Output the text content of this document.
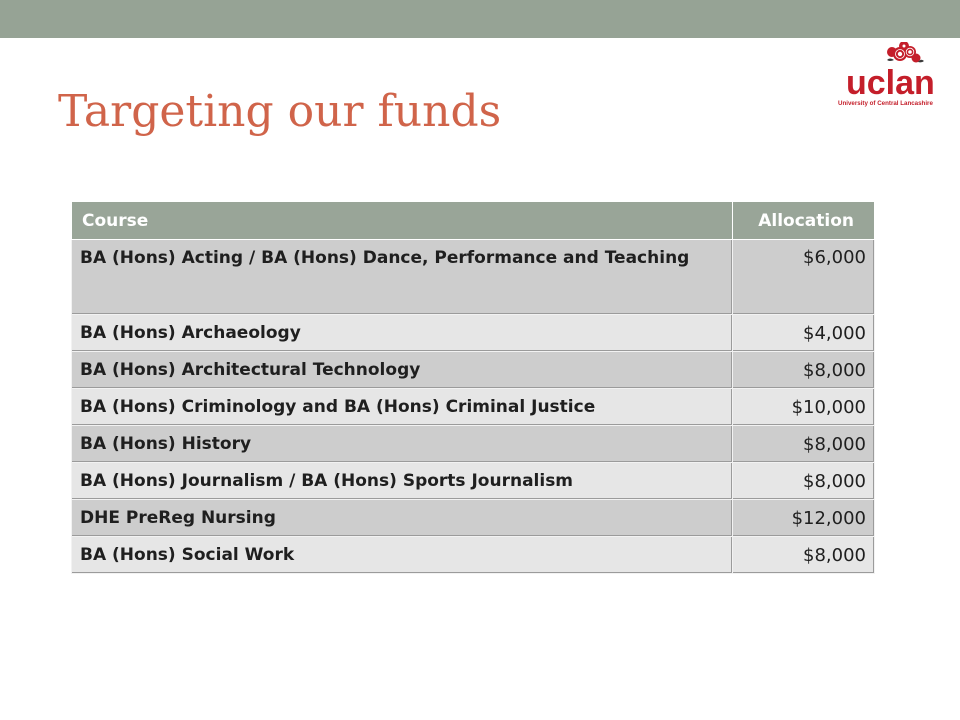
Targeting our funds
uclan
University of Central Lancashire
Course	Allocation
BA (Hons) Acting / BA (Hons) Dance, Performance and Teaching	$6,000
BA (Hons) Archaeology	$4,000
BA (Hons) Architectural Technology	$8,000
BA (Hons) Criminology and BA (Hons) Criminal Justice	$10,000
BA (Hons) History	$8,000
BA (Hons) Journalism / BA (Hons) Sports Journalism	$8,000
DHE PreReg Nursing	$12,000
BA (Hons) Social Work	$8,000
